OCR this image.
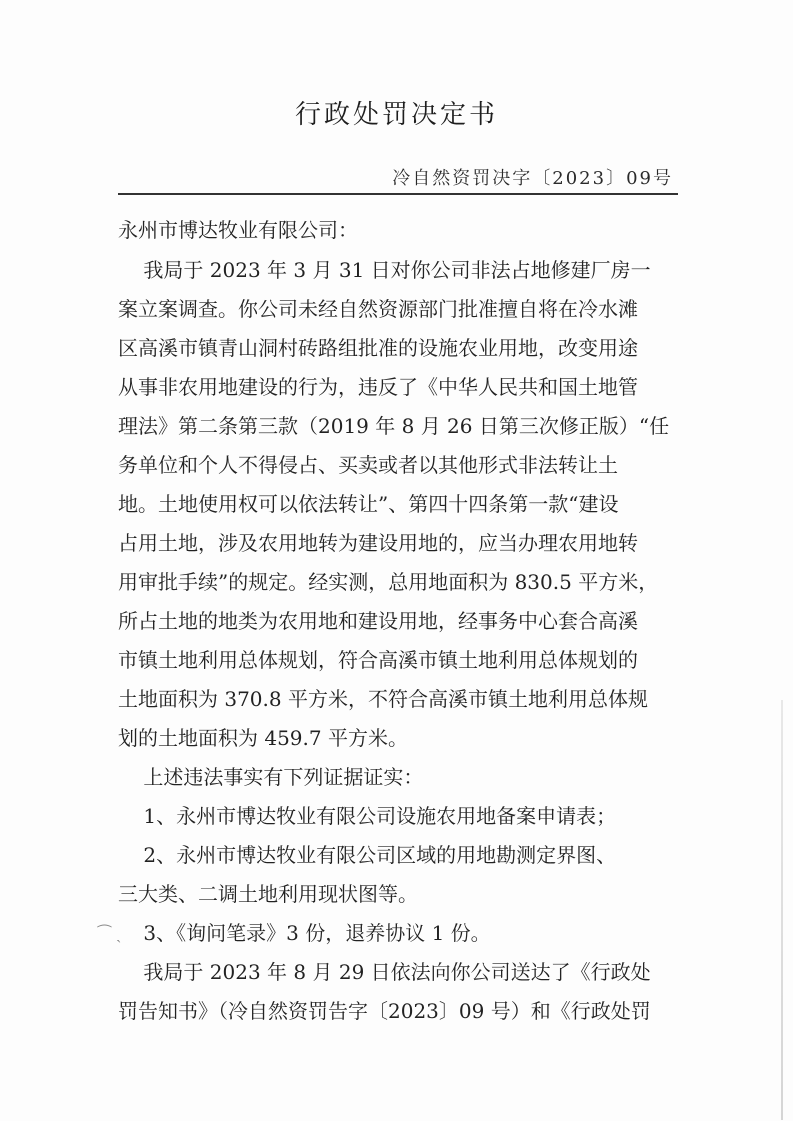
行政处罚决定书
冷自然资罚决字〔2023〕09号
永州市博达牧业有限公司：
我局于 2023 年 3 月 31 日对你公司非法占地修建厂房一
案立案调查。你公司未经自然资源部门批准擅自将在冷水滩
区高溪市镇青山洞村砖路组批准的设施农业用地，改变用途
从事非农用地建设的行为，违反了《中华人民共和国土地管
理法》第二条第三款（2019 年 8 月 26 日第三次修正版）“任
务单位和个人不得侵占、买卖或者以其他形式非法转让土
地。土地使用权可以依法转让”、第四十四条第一款“建设
占用土地，涉及农用地转为建设用地的，应当办理农用地转
用审批手续”的规定。经实测，总用地面积为 830.5 平方米，
所占土地的地类为农用地和建设用地，经事务中心套合高溪
市镇土地利用总体规划，符合高溪市镇土地利用总体规划的
土地面积为 370.8 平方米，不符合高溪市镇土地利用总体规
划的土地面积为 459.7 平方米。
上述违法事实有下列证据证实：
1、永州市博达牧业有限公司设施农用地备案申请表；
2、永州市博达牧业有限公司区域的用地勘测定界图、
三大类、二调土地利用现状图等。
3、《询问笔录》3 份，退养协议 1 份。
我局于 2023 年 8 月 29 日依法向你公司送达了《行政处
罚告知书》（冷自然资罚告字〔2023〕09 号）和《行政处罚
⁀ ˎ
